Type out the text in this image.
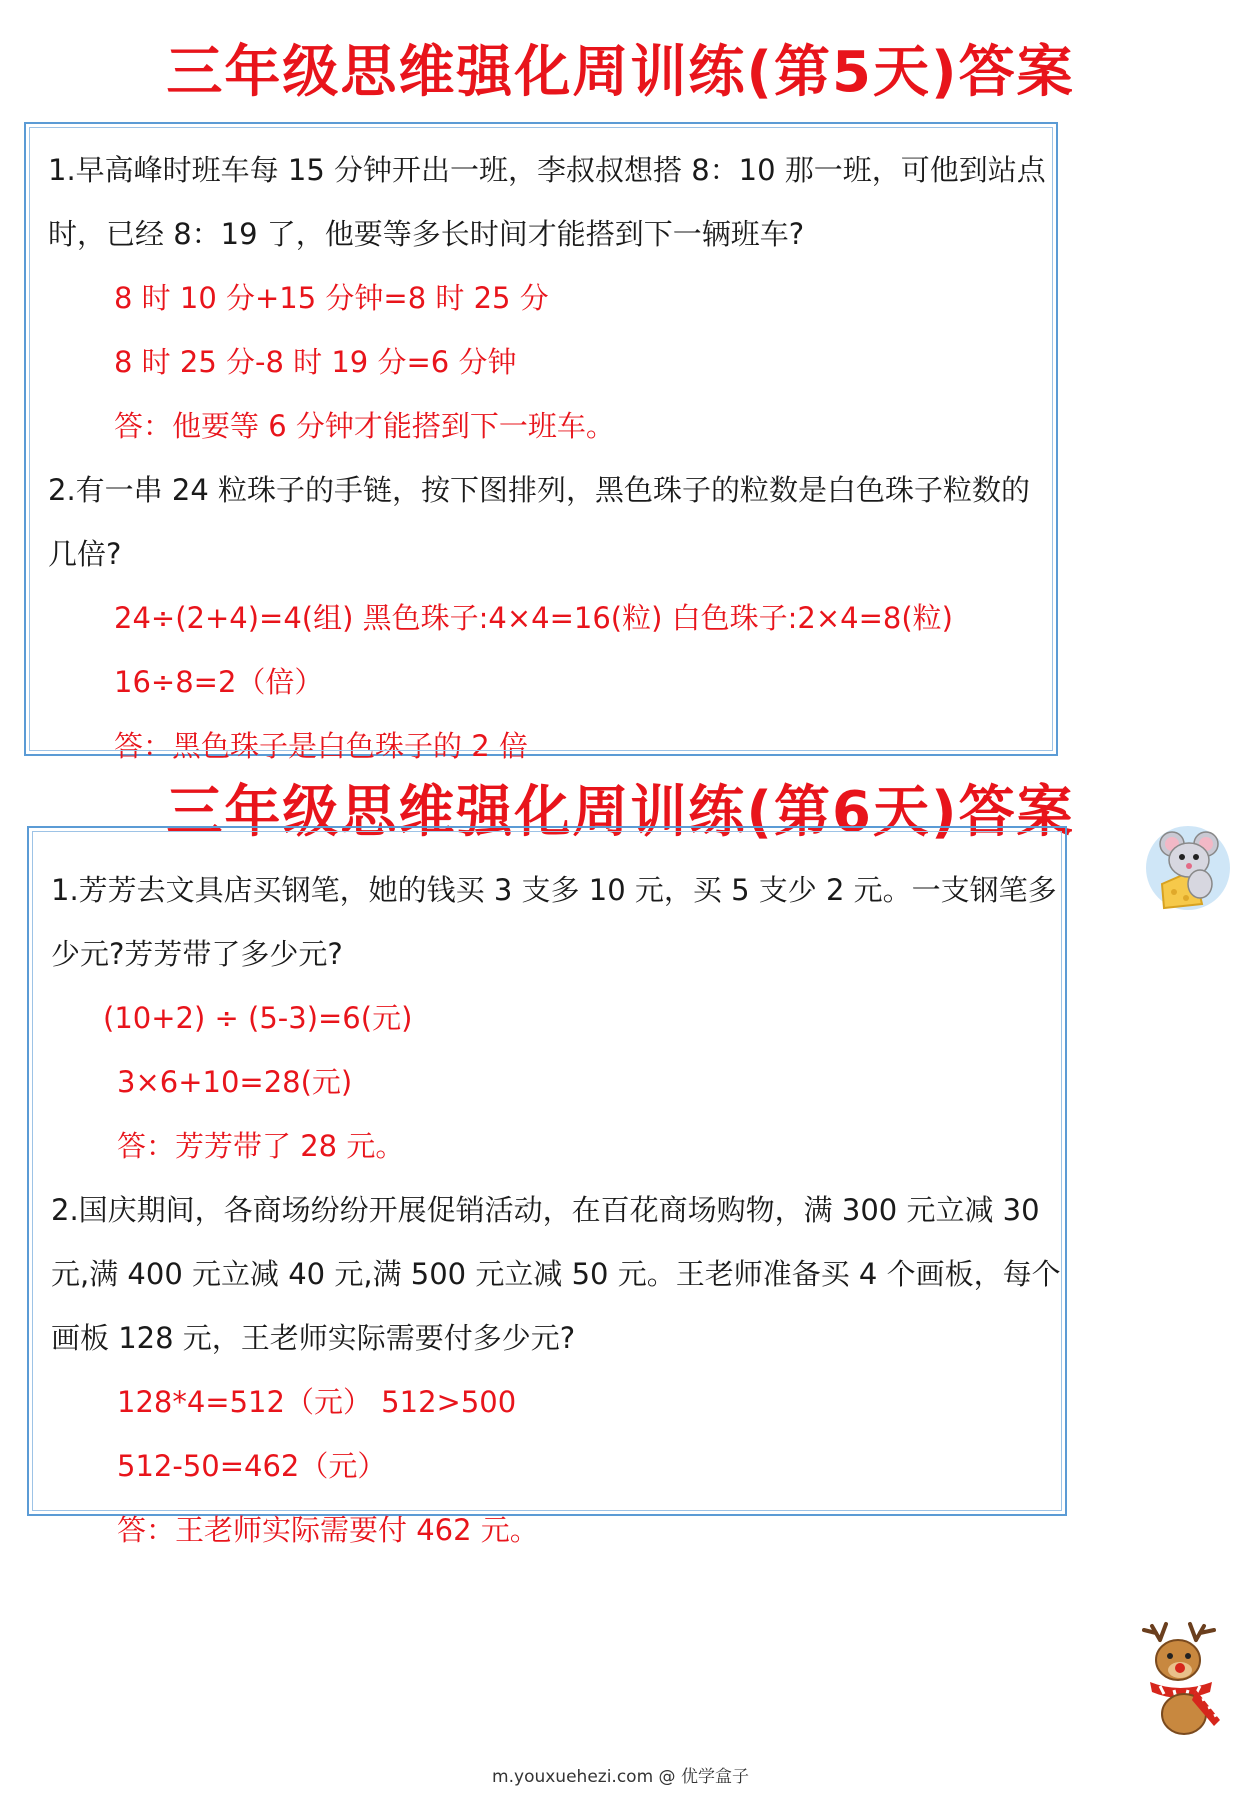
三年级思维强化周训练(第5天)答案
1.早高峰时班车每 15 分钟开出一班，李叔叔想搭 8：10 那一班，可他到站点
时，已经 8：19 了，他要等多长时间才能搭到下一辆班车?
8 时 10 分+15 分钟=8 时 25 分
8 时 25 分-8 时 19 分=6 分钟
答：他要等 6 分钟才能搭到下一班车。
2.有一串 24 粒珠子的手链，按下图排列，黑色珠子的粒数是白色珠子粒数的
几倍?
24÷(2+4)=4(组) 黑色珠子:4×4=16(粒) 白色珠子:2×4=8(粒)
16÷8=2（倍）
答：黑色珠子是白色珠子的 2 倍
三年级思维强化周训练(第6天)答案
1.芳芳去文具店买钢笔，她的钱买 3 支多 10 元，买 5 支少 2 元。一支钢笔多
少元?芳芳带了多少元?
(10+2) ÷ (5-3)=6(元)
3×6+10=28(元)
答：芳芳带了 28 元。
2.国庆期间，各商场纷纷开展促销活动，在百花商场购物，满 300 元立减 30
元,满 400 元立减 40 元,满 500 元立减 50 元。王老师准备买 4 个画板，每个
画板 128 元，王老师实际需要付多少元?
128*4=512（元） 512>500
512-50=462（元）
答：王老师实际需要付 462 元。
m.youxuehezi.com @ 优学盒子
